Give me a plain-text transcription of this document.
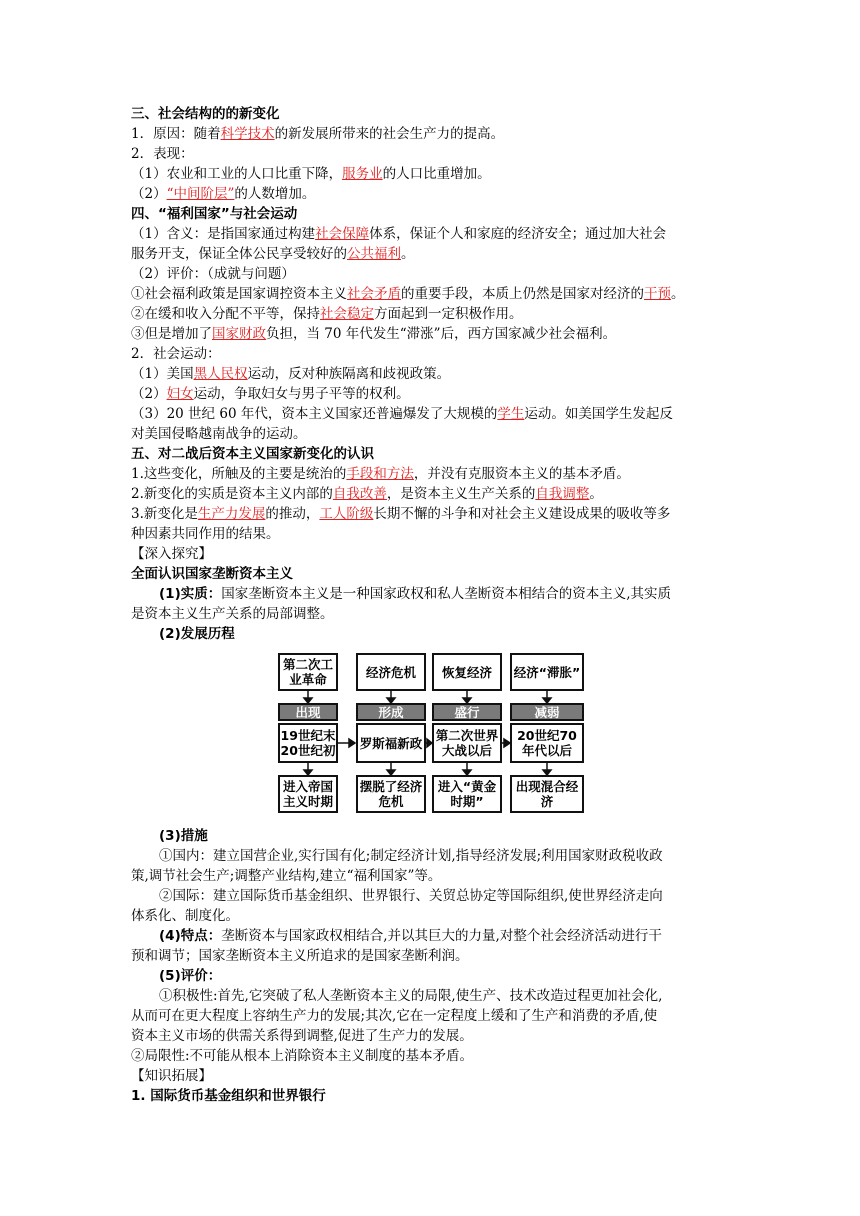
三、社会结构的的新变化
1．原因：随着科学技术的新发展所带来的社会生产力的提高。
2．表现：
（1）农业和工业的人口比重下降，服务业的人口比重增加。
（2）“中间阶层”的人数增加。
四、“福利国家”与社会运动
（1）含义：是指国家通过构建社会保障体系，保证个人和家庭的经济安全；通过加大社会
服务开支，保证全体公民享受较好的公共福利。
（2）评价：（成就与问题）
①社会福利政策是国家调控资本主义社会矛盾的重要手段，本质上仍然是国家对经济的干预。
②在缓和收入分配不平等，保持社会稳定方面起到一定积极作用。
③但是增加了国家财政负担，当 70 年代发生“滞涨”后，西方国家减少社会福利。
2．社会运动：
（1）美国黑人民权运动，反对种族隔离和歧视政策。
（2）妇女运动，争取妇女与男子平等的权利。
（3）20 世纪 60 年代，资本主义国家还普遍爆发了大规模的学生运动。如美国学生发起反
对美国侵略越南战争的运动。
五、对二战后资本主义国家新变化的认识
1.这些变化，所触及的主要是统治的手段和方法，并没有克服资本主义的基本矛盾。
2.新变化的实质是资本主义内部的自我改善，是资本主义生产关系的自我调整。
3.新变化是生产力发展的推动，工人阶级长期不懈的斗争和对社会主义建设成果的吸收等多
种因素共同作用的结果。
【深入探究】
全面认识国家垄断资本主义
(1)实质：国家垄断资本主义是一种国家政权和私人垄断资本相结合的资本主义,其实质
是资本主义生产关系的局部调整。
(2)发展历程
第二次工业革命
出现
19世纪末20世纪初
进入帝国主义时期
经济危机
形成
罗斯福新政
摆脱了经济危机
恢复经济
盛行
第二次世界大战以后
进入“黄金时期”
经济“滞胀”
减弱
20世纪70年代以后
出现混合经济
(3)措施
①国内：建立国营企业,实行国有化;制定经济计划,指导经济发展;利用国家财政税收政
策,调节社会生产;调整产业结构,建立“福利国家”等。
②国际：建立国际货币基金组织、世界银行、关贸总协定等国际组织,使世界经济走向
体系化、制度化。
(4)特点：垄断资本与国家政权相结合,并以其巨大的力量,对整个社会经济活动进行干
预和调节；国家垄断资本主义所追求的是国家垄断利润。
(5)评价：
①积极性:首先,它突破了私人垄断资本主义的局限,使生产、技术改造过程更加社会化,
从而可在更大程度上容纳生产力的发展;其次,它在一定程度上缓和了生产和消费的矛盾,使
资本主义市场的供需关系得到调整,促进了生产力的发展。
②局限性:不可能从根本上消除资本主义制度的基本矛盾。
【知识拓展】
1. 国际货币基金组织和世界银行
